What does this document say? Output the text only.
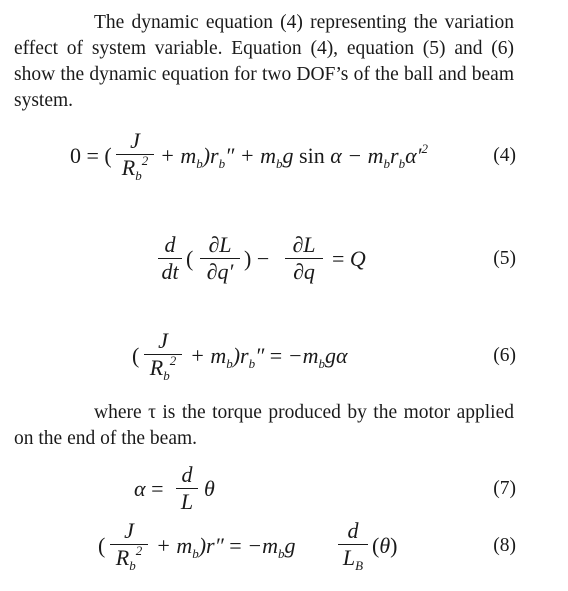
The dynamic equation (4) representing the variation effect of system variable. Equation (4), equation (5) and (6) show the dynamic equation for two DOF’s of the ball and beam system.

0 = (
J
$R_b^2 + m_b)r_b'' + m_bg$ $\sin \alpha - m_br_b\alpha'^2$	(4)
d
dt
(
∂L
∂q′
) −
∂L
∂q
= Q	(5)
(
J
$R_b^2 + m_b)r_b'' = -m_bg\alpha$	(6)

where τ is the torque produced by the motor applied on the end of the beam.

α =
d
L
θ	(7)
(
J
$R_b^2 + m_b)r'' = -m_bg$
d
$L_B$
(θ)	(8)
